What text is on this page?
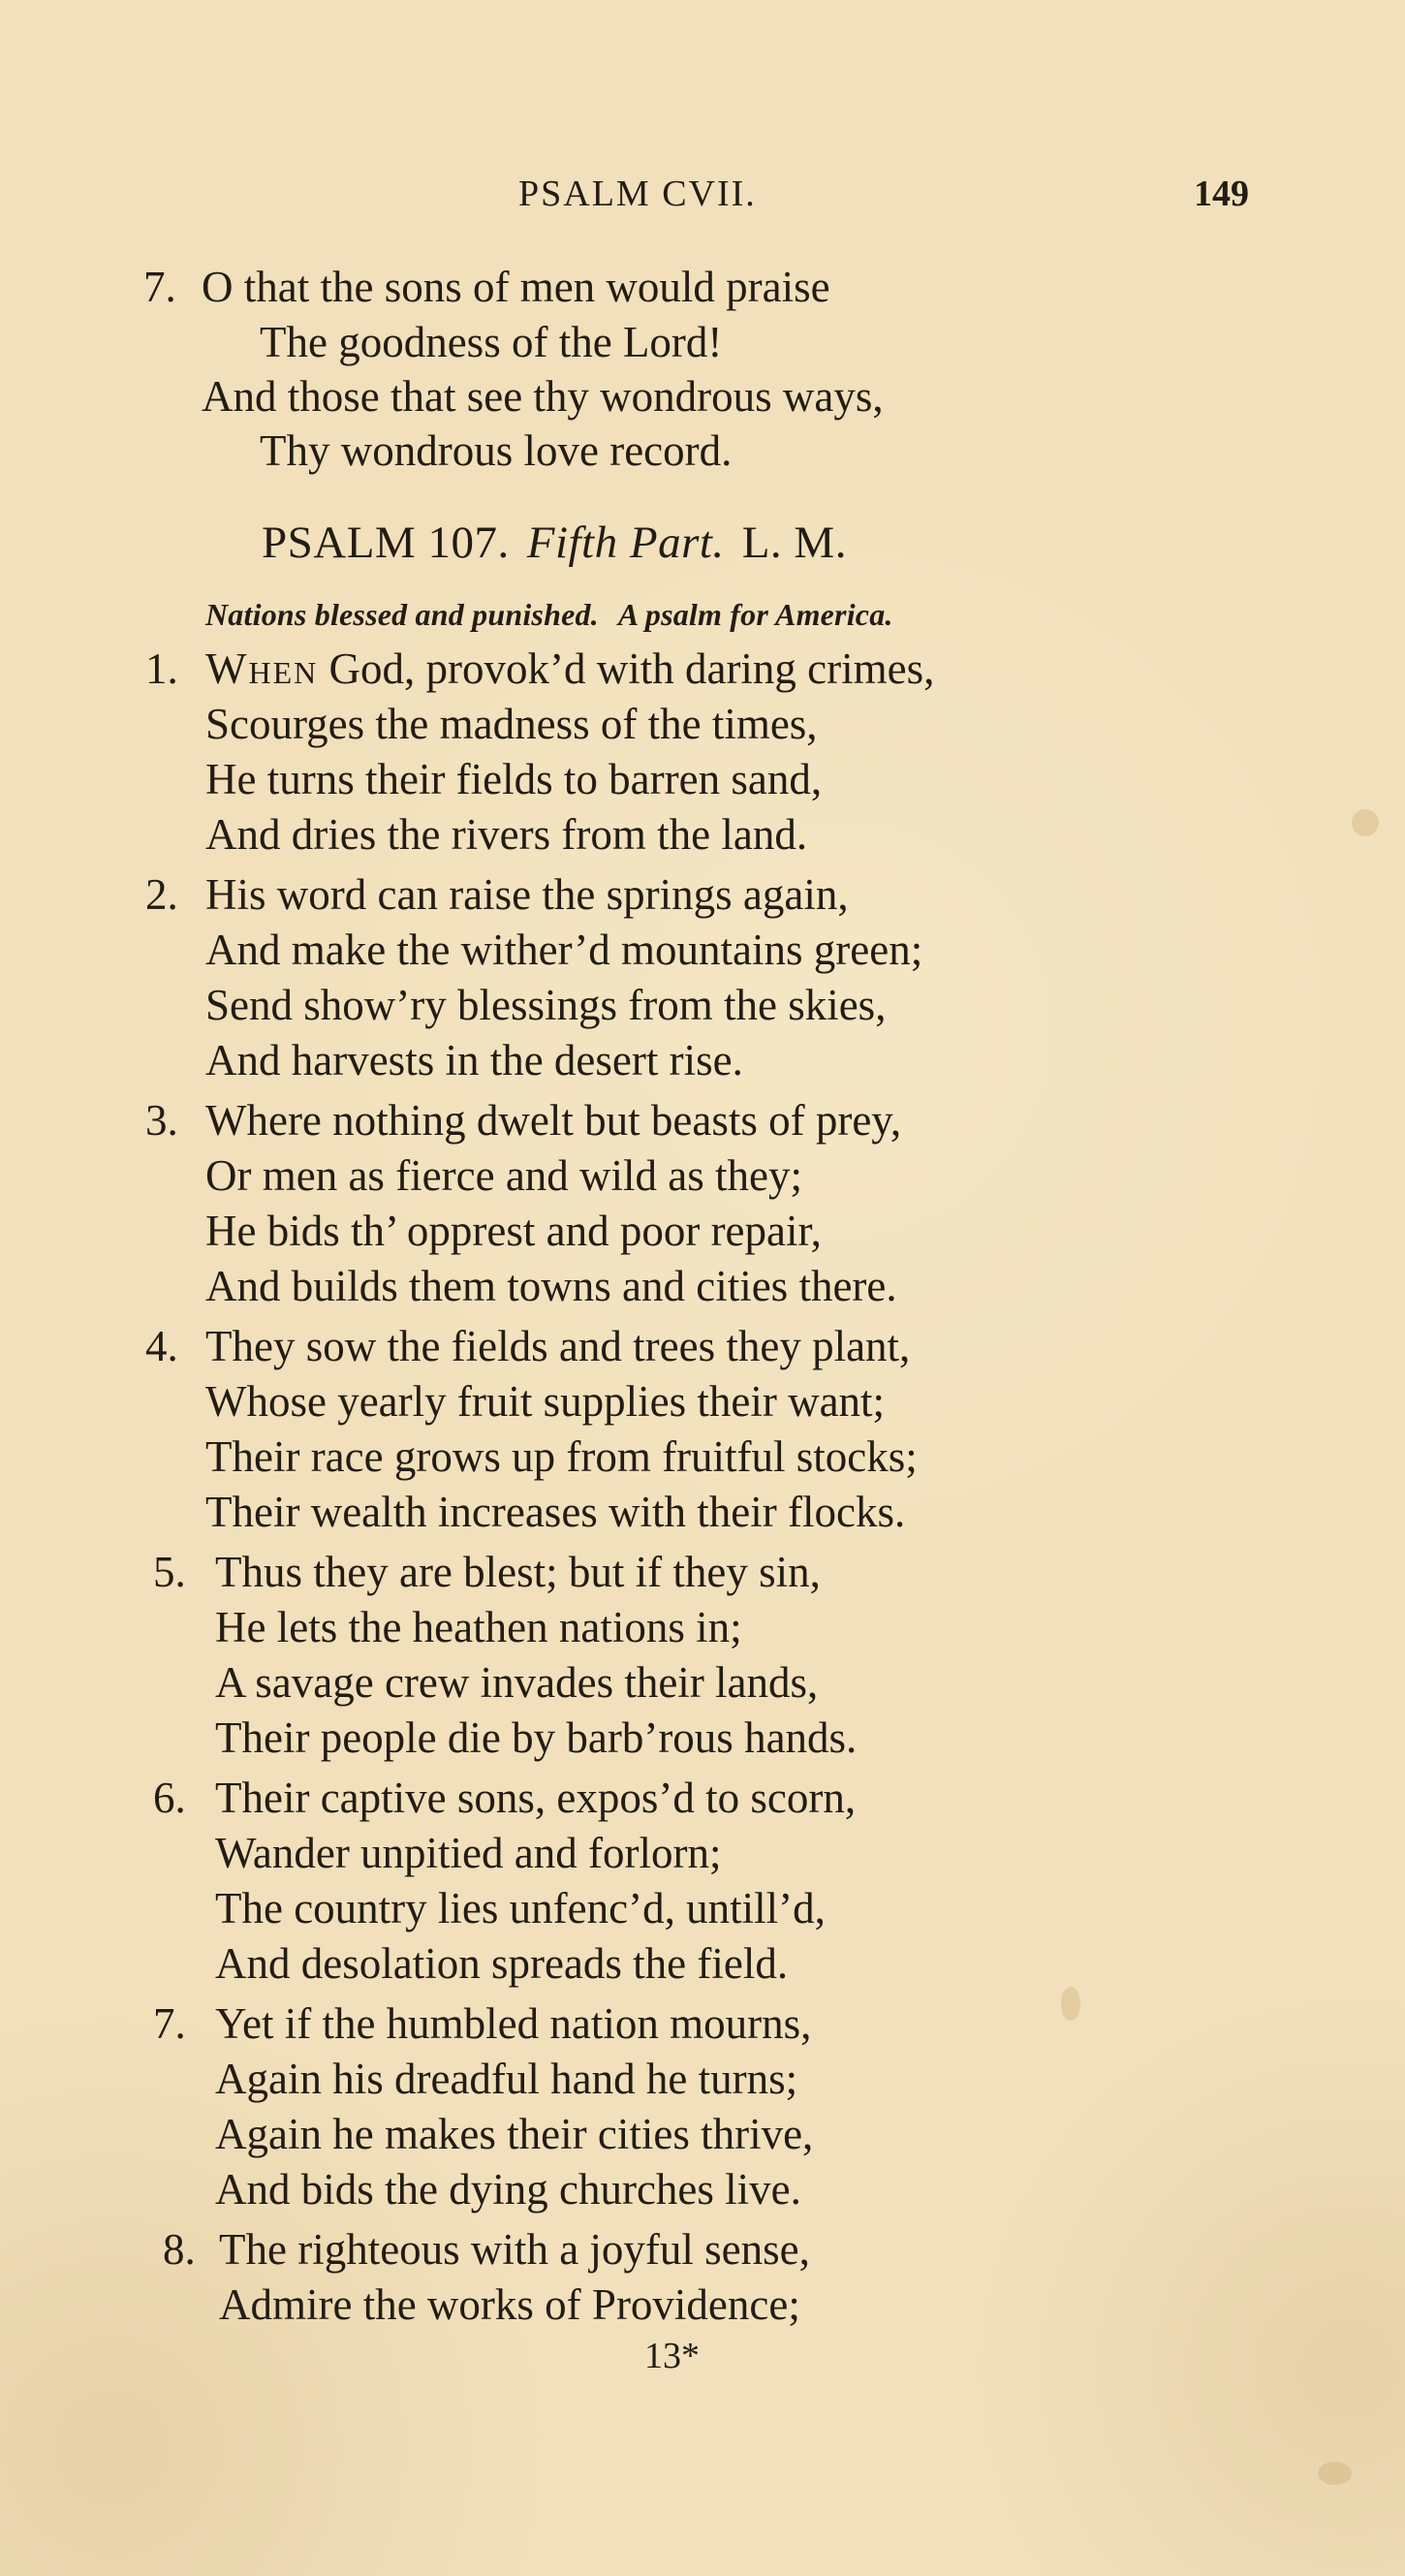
PSALM CVII.	149
7. O that the sons of men would praise
The goodness of the Lord!
And those that see thy wondrous ways,
Thy wondrous love record.
PSALM 107. Fifth Part. L. M.
Nations blessed and punished. A psalm for America.
1. When God, provok’d with daring crimes,
Scourges the madness of the times,
He turns their fields to barren sand,
And dries the rivers from the land.
2. His word can raise the springs again,
And make the wither’d mountains green;
Send show’ry blessings from the skies,
And harvests in the desert rise.
3. Where nothing dwelt but beasts of prey,
Or men as fierce and wild as they;
He bids th’ opprest and poor repair,
And builds them towns and cities there.
4. They sow the fields and trees they plant,
Whose yearly fruit supplies their want;
Their race grows up from fruitful stocks;
Their wealth increases with their flocks.
5. Thus they are blest; but if they sin,
He lets the heathen nations in;
A savage crew invades their lands,
Their people die by barb’rous hands.
6. Their captive sons, expos’d to scorn,
Wander unpitied and forlorn;
The country lies unfenc’d, untill’d,
And desolation spreads the field.
7. Yet if the humbled nation mourns,
Again his dreadful hand he turns;
Again he makes their cities thrive,
And bids the dying churches live.
8. The righteous with a joyful sense,
Admire the works of Providence;
13*
